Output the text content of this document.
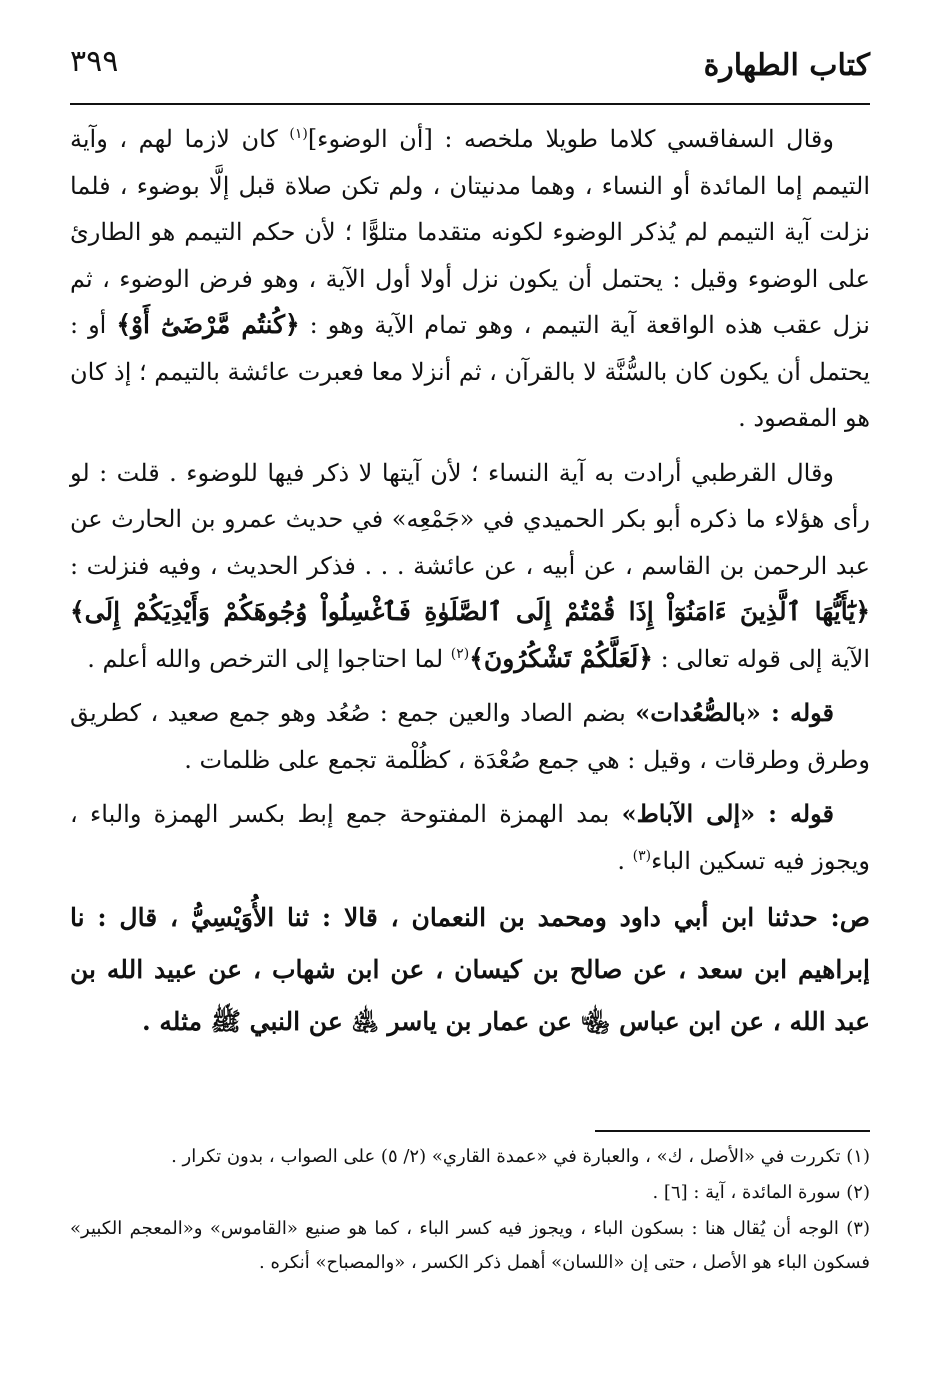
كتاب الطهارة
٣٩٩

وقال السفاقسي كلاما طويلا ملخصه : [أن الوضوء]$^{(١)}$ كان لازما لهم ، وآية التيمم إما المائدة أو النساء ، وهما مدنيتان ، ولم تكن صلاة قبل إلَّا بوضوء ، فلما نزلت آية التيمم لم يُذكر الوضوء لكونه متقدما متلوًّا ؛ لأن حكم التيمم هو الطارئ على الوضوء وقيل : يحتمل أن يكون نزل أولا أول الآية ، وهو فرض الوضوء ، ثم نزل عقب هذه الواقعة آية التيمم ، وهو تمام الآية وهو : ﴿كُنتُم مَّرْضَىٰٓ أَوْ﴾ أو : يحتمل أن يكون كان بالسُّنَّة لا بالقرآن ، ثم أنزلا معا فعبرت عائشة بالتيمم ؛ إذ كان هو المقصود .

وقال القرطبي أرادت به آية النساء ؛ لأن آيتها لا ذكر فيها للوضوء . قلت : لو رأى هؤلاء ما ذكره أبو بكر الحميدي في «جَمْعِه» في حديث عمرو بن الحارث عن عبد الرحمن بن القاسم ، عن أبيه ، عن عائشة . . . فذكر الحديث ، وفيه فنزلت : ﴿يَٰٓأَيُّهَا ٱلَّذِينَ ءَامَنُوٓاْ إِذَا قُمْتُمْ إِلَى ٱلصَّلَوٰةِ فَٱغْسِلُواْ وُجُوهَكُمْ وَأَيْدِيَكُمْ إِلَى﴾ الآية إلى قوله تعالى : ﴿لَعَلَّكُمْ تَشْكُرُونَ﴾$^{(٢)}$ لما احتاجوا إلى الترخص والله أعلم .

قوله : «بالصُّعُدات» بضم الصاد والعين جمع : صُعُد وهو جمع صعيد ، كطريق وطرق وطرقات ، وقيل : هي جمع صُعْدَة ، كظُلْمة تجمع على ظلمات .

قوله : «إلى الآباط» بمد الهمزة المفتوحة جمع إبط بكسر الهمزة والباء ، ويجوز فيه تسكين الباء$^{(٣)}$ .

ص: حدثنا ابن أبي داود ومحمد بن النعمان ، قالا : ثنا الأُوَيْسِيُّ ، قال : نا إبراهيم ابن سعد ، عن صالح بن كيسان ، عن ابن شهاب ، عن عبيد الله بن عبد الله ، عن ابن عباس ﵄ عن عمار بن ياسر ﵁ عن النبي ﷺ مثله .

(١) تكررت في «الأصل ، ك» ، والعبارة في «عمدة القاري» (٢/ ٥) على الصواب ، بدون تكرار .

(٢) سورة المائدة ، آية : [٦] .

(٣) الوجه أن يُقال هنا : بسكون الباء ، ويجوز فيه كسر الباء ، كما هو صنيع «القاموس» و«المعجم الكبير» فسكون الباء هو الأصل ، حتى إن «اللسان» أهمل ذكر الكسر ، «والمصباح» أنكره .
